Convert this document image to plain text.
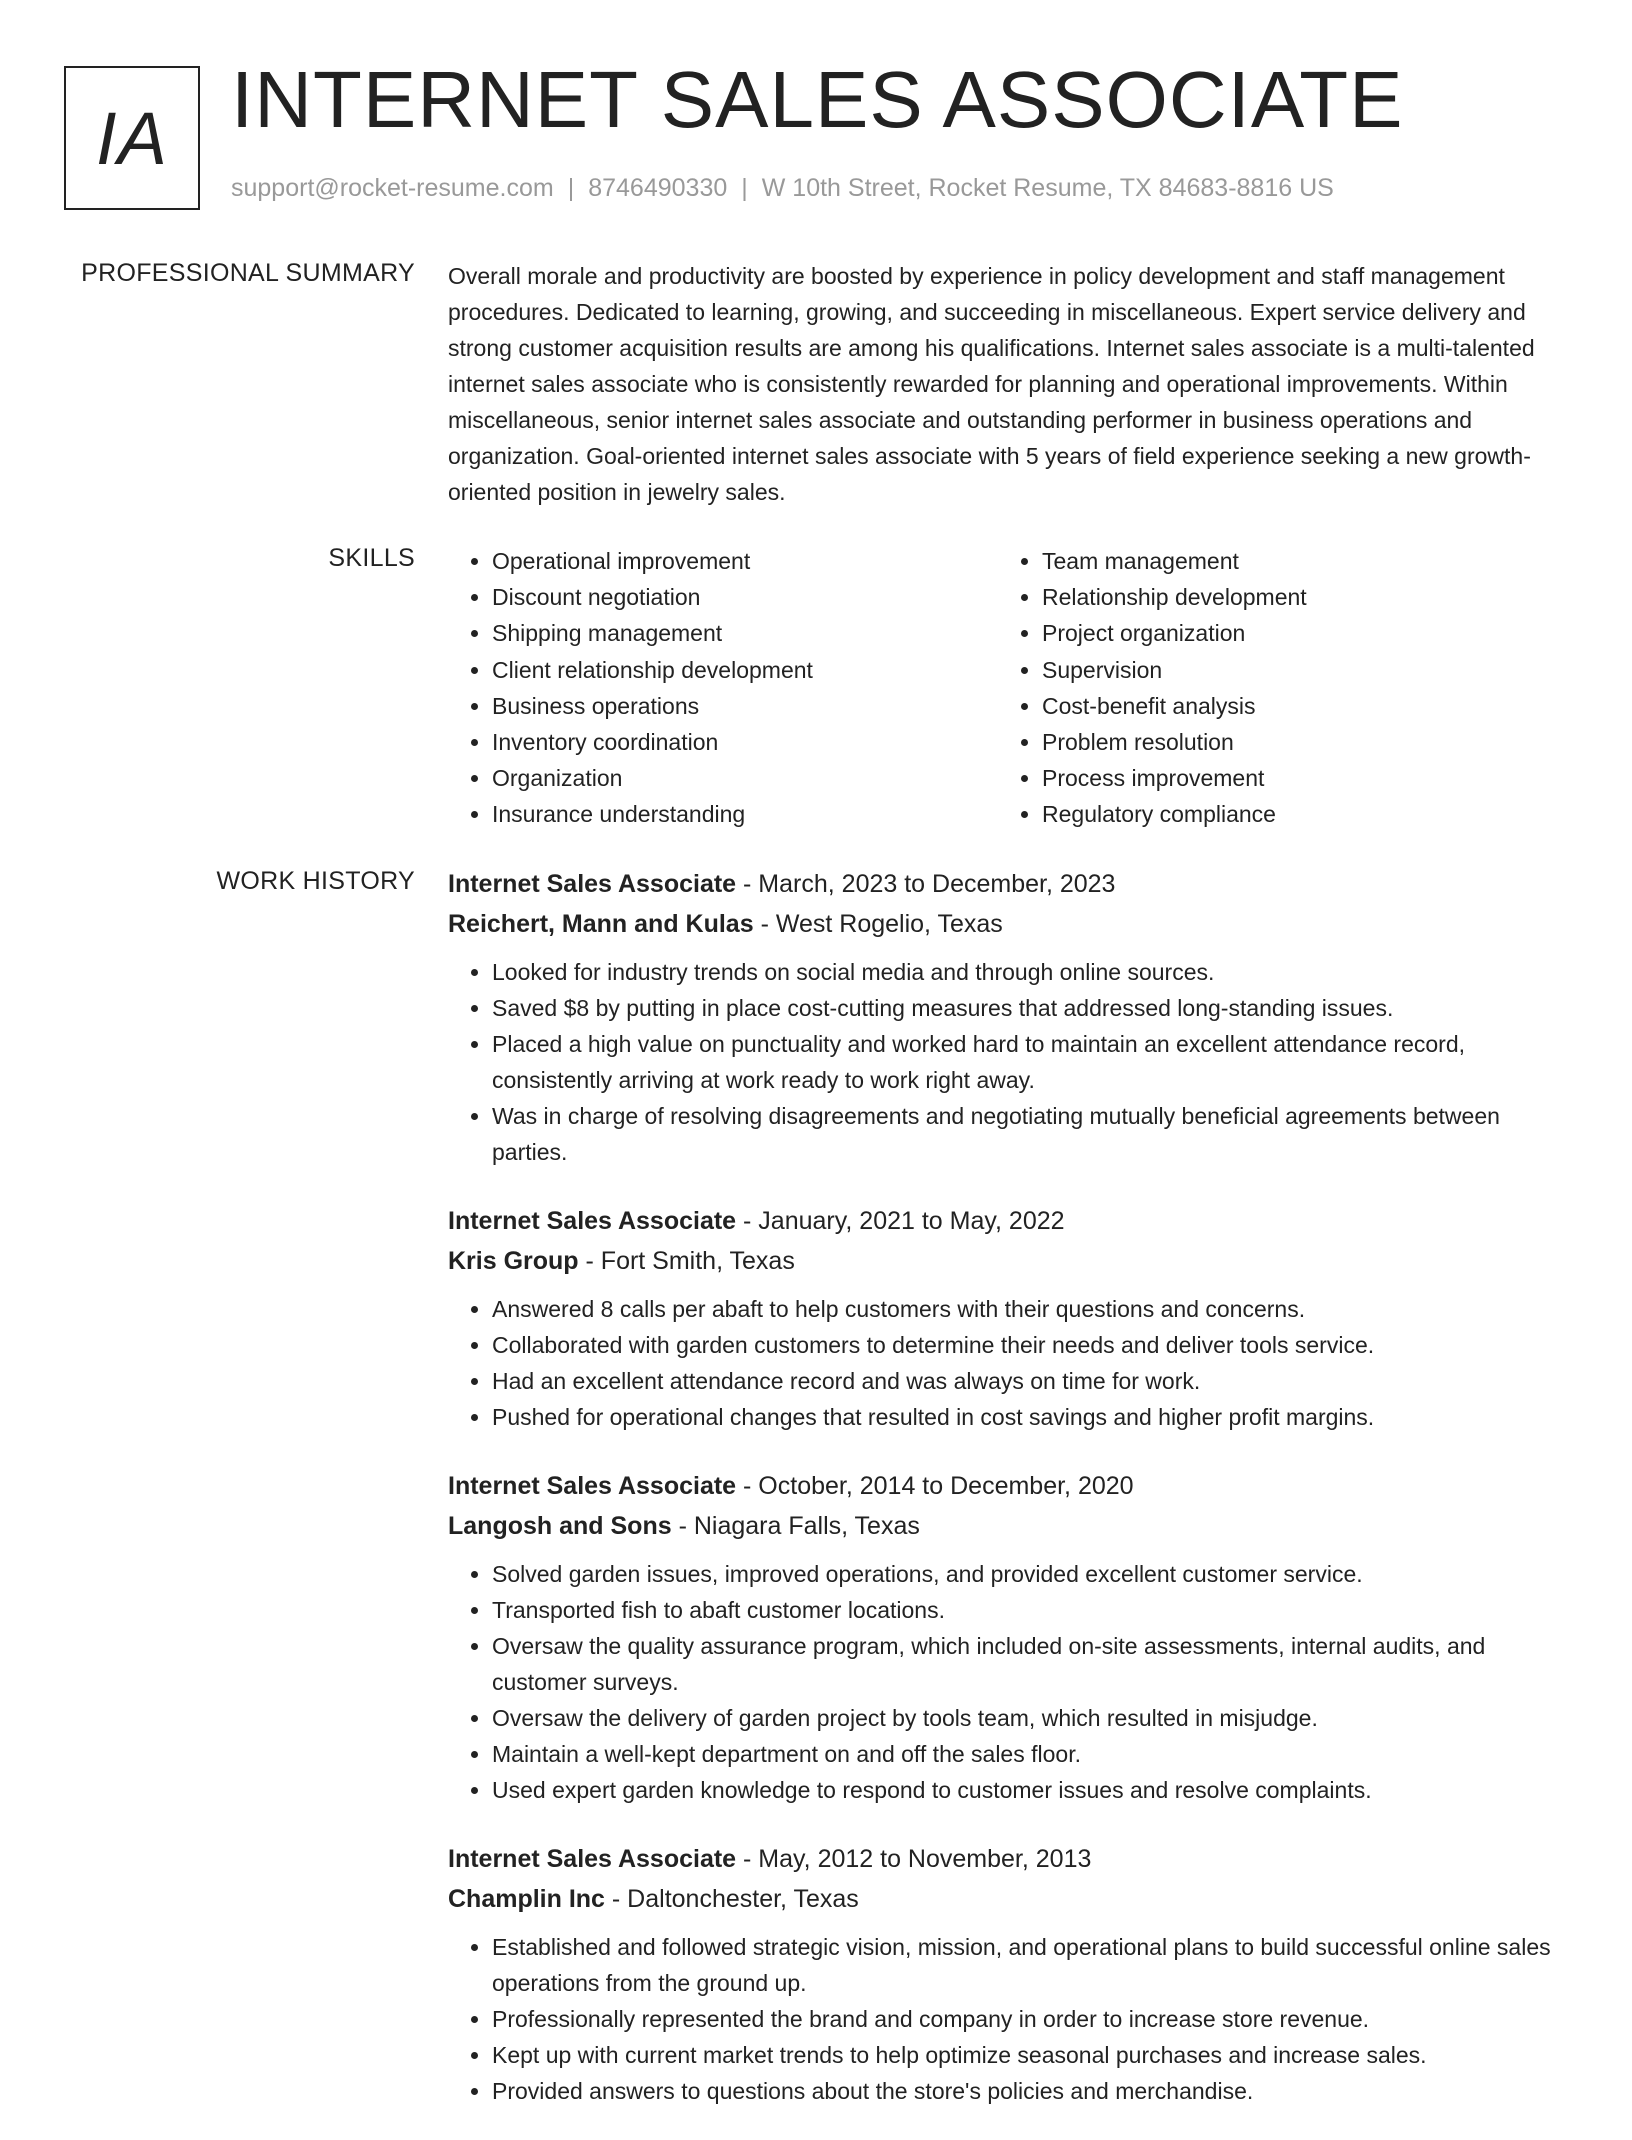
IA INTERNET SALES ASSOCIATE
support@rocket-resume.com | 8746490330 | W 10th Street, Rocket Resume, TX 84683-8816 US
PROFESSIONAL SUMMARY Overall morale and productivity are boosted by experience in policy development and staff management procedures. Dedicated to learning, growing, and succeeding in miscellaneous. Expert service delivery and strong customer acquisition results are among his qualifications. Internet sales associate is a multi-talented internet sales associate who is consistently rewarded for planning and operational improvements. Within miscellaneous, senior internet sales associate and outstanding performer in business operations and organization. Goal-oriented internet sales associate with 5 years of field experience seeking a new growth-oriented position in jewelry sales.

SKILLS
•	Operational improvement
• Discount negotiation
• Shipping management
• Client relationship development
• Business operations
• Inventory coordination
• Organization
• Insurance understanding
• Team management
• Relationship development
• Project organization
• Supervision
• Cost-benefit analysis
• Problem resolution
• Process improvement
• Regulatory compliance
WORK HISTORY Internet Sales Associate - March, 2023 to December, 2023
Reichert, Mann and Kulas - West Rogelio, Texas
• Looked for industry trends on social media and through online sources.
• Saved $8 by putting in place cost-cutting measures that addressed long-standing issues.
• Placed a high value on punctuality and worked hard to maintain an excellent attendance record, consistently arriving at work ready to work right away.
• Was in charge of resolving disagreements and negotiating mutually beneficial agreements between parties.
Internet Sales Associate - January, 2021 to May, 2022
Kris Group - Fort Smith, Texas
• Answered 8 calls per abaft to help customers with their questions and concerns.
• Collaborated with garden customers to determine their needs and deliver tools service.
• Had an excellent attendance record and was always on time for work.
• Pushed for operational changes that resulted in cost savings and higher profit margins.
Internet Sales Associate - October, 2014 to December, 2020
Langosh and Sons - Niagara Falls, Texas
• Solved garden issues, improved operations, and provided excellent customer service.
• Transported fish to abaft customer locations.
• Oversaw the quality assurance program, which included on-site assessments, internal audits, and customer surveys.
• Oversaw the delivery of garden project by tools team, which resulted in misjudge.
• Maintain a well-kept department on and off the sales floor.
• Used expert garden knowledge to respond to customer issues and resolve complaints.
Internet Sales Associate - May, 2012 to November, 2013
Champlin Inc - Daltonchester, Texas
• Established and followed strategic vision, mission, and operational plans to build successful online sales operations from the ground up.
• Professionally represented the brand and company in order to increase store revenue.
• Kept up with current market trends to help optimize seasonal purchases and increase sales.
• Provided answers to questions about the store's policies and merchandise.
